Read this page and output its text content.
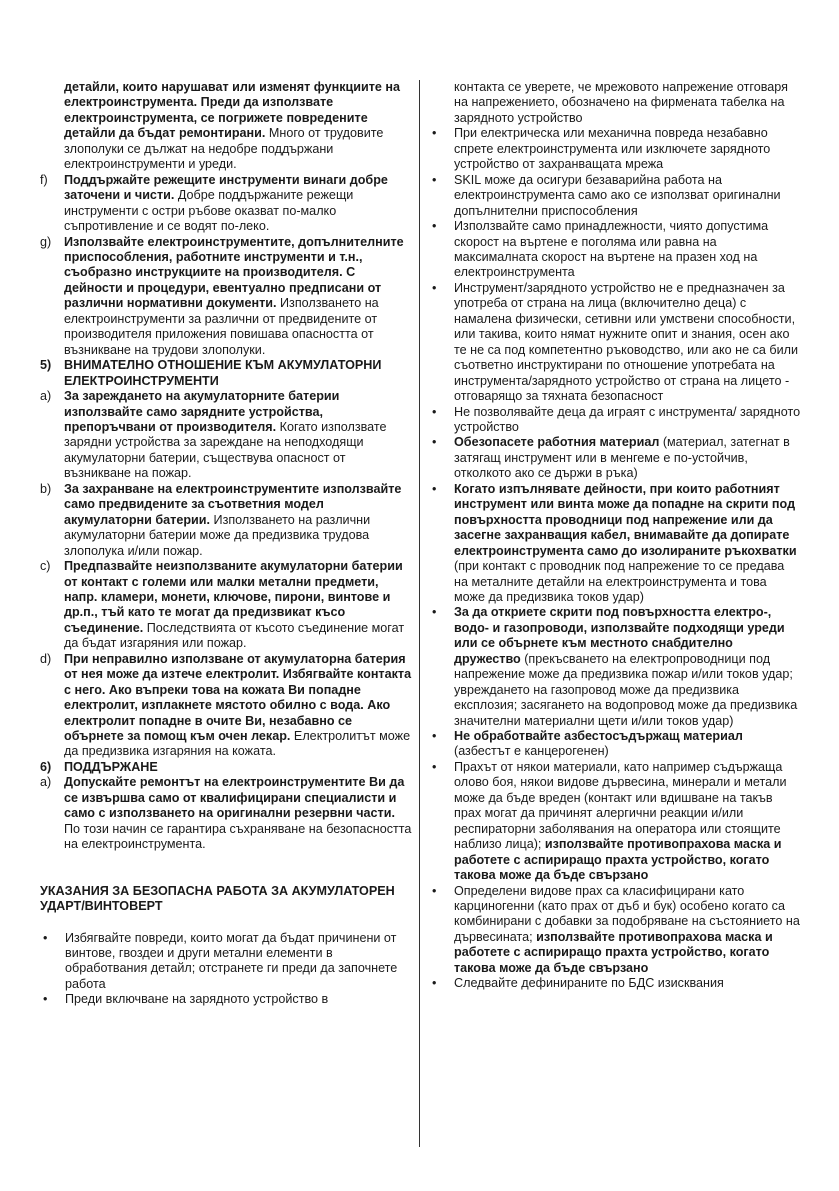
детайли, които нарушават или изменят функциите на електроинструмента. Преди да използвате електроинструмента, се погрижете повредените детайли да бъдат ремонтирани. Много от трудовите злополуки се дължат на недобре поддържани електроинструменти и уреди.
f)	Поддържайте режещите инструменти винаги добре заточени и чисти. Добре поддържаните режещи инструменти с остри ръбове оказват по-малко съпротивление и се водят по-леко.
g)	Използвайте електроинструментите, допълнителните приспособления, работните инструменти и т.н., съобразно инструкциите на производителя. С дейности и процедури, евентуално предписани от различни нормативни документи. Използването на електроинструменти за различни от предвидените от производителя приложения повишава опасността от възникване на трудови злополуки.
5)	ВНИМАТЕЛНО ОТНОШЕНИЕ КЪМ АКУМУЛАТОРНИ ЕЛЕКТРОИНСТРУМЕНТИ
a)	За зареждането на акумулаторните батерии използвайте само зарядните устройства, препоръчвани от производителя. Когато използвате зарядни устройства за зареждане на неподходящи акумулаторни батерии, съществува опасност от възникване на пожар.
b)	За захранване на електроинструментите използвайте само предвидените за съответния модел акумулаторни батерии. Използването на различни акумулаторни батерии може да предизвика трудова злополука и/или пожар.
c)	Предпазвайте неизползваните акумулаторни батерии от контакт с големи или малки метални предмети, напр. кламери, монети, ключове, пирони, винтове и др.п., тъй като те могат да предизвикат късо съединение. Последствията от късото съединение могат да бъдат изгаряния или пожар.
d)	При неправилно използване от акумулаторна батерия от нея може да изтече електролит. Избягвайте контакта с него. Ако въпреки това на кожата Ви попадне електролит, изплакнете мястото обилно с вода. Ако електролит попадне в очите Ви, незабавно се обърнете за помощ към очен лекар. Електролитът може да предизвика изгаряния на кожата.
6)	ПОДДЪРЖАНЕ
a)	Допускайте ремонтът на електроинструментите Ви да се извършва само от квалифицирани специалисти и само с използването на оригинални резервни части. По този начин се гарантира съхраняване на безопасността на електроинструмента.
УКАЗАНИЯ ЗА БЕЗОПАСНА РАБОТА ЗА АКУМУЛАТОРЕН УДАРТ/ВИНТОВЕРТ
•	Избягвайте повреди, които могат да бъдат причинени от винтове, гвоздеи и други метални елементи в обработвания детайл; отстранете ги преди да започнете работа
•	Преди включване на зарядното устройство в
контакта се уверете, че мрежовото напрежение отговаря на напрежението, обозначено на фирмената табелка на зарядното устройство
•	При електрическа или механична повреда незабавно спрете електроинструмента или изключете зарядното устройство от захранващата мрежа
•	SKIL може да осигури безаварийна работа на електроинструмента само ако се използват оригинални допълнителни приспособления
•	Използвайте само принадлежности, чиято допустима скорост на въртене е поголяма или равна на максималната скорост на въртене на празен ход на електроинструмента
•	Инструмент/зарядното устройство не е предназначен за употреба от страна на лица (включително деца) с намалена физически, сетивни или умствени способности, или такива, които нямат нужните опит и знания, осен ако те не са под компетентно ръководство, или ако не са били съответно инструктирани по отношение употребата на инструмента/зарядното устройство от страна на лицето - отговарящо за тяхната безопасност
•	Не позволявайте деца да играят с инструмента/ зарядното устройство
•	Обезопасете работния материал (материал, затегнат в затягащ инструмент или в менгеме е по-устойчив, отколкото ако се държи в ръка)
•	Когато изпълнявате дейности, при които работният инструмент или винта може да попадне на скрити под повърхността проводници под напрежение или да засегне захранващия кабел, внимавайте да допирате електроинструмента само до изолираните ръкохватки (при контакт с проводник под напрежение то се предава на металните детайли на електроинструмента и това може да предизвика токов удар)
•	За да откриете скрити под повърхността електро-, водо- и газопроводи, използвайте подходящи уреди или се обърнете към местното снабдително дружество (прекъсването на електропроводници под напрежение може да предизвика пожар и/или токов удар; увреждането на газопровод може да предизвика експлозия; засягането на водопровод може да предизвика значителни материални щети и/или токов удар)
•	Не обработвайте азбестосъдържащ материал (азбестът е канцерогенен)
•	Прахът от някои материали, като например съдържаща олово боя, някои видове дървесина, минерали и метали може да бъде вреден (контакт или вдишване на такъв прах могат да причинят алергични реакции и/или респираторни заболявания на оператора или стоящите наблизо лица); използвайте противопрахова маска и работете с аспириращо прахта устройство, когато такова може да бъде свързано
•	Определени видове прах са класифицирани като карциногенни (като прах от дъб и бук) особено когато са комбинирани с добавки за подобряване на състоянието на дървесината; използвайте противопрахова маска и работете с аспириращо прахта устройство, когато такова може да бъде свързано
•	Следвайте дефинираните по БДС изисквания
